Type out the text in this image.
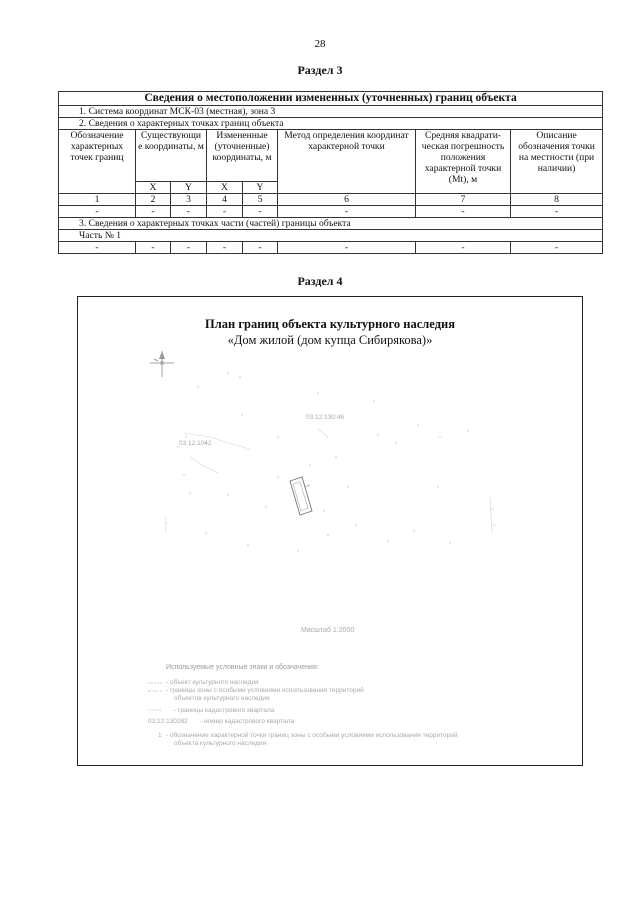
28
Раздел 3
Сведения о местоположении измененных (уточненных) границ объекта							
1. Система координат МСК-03 (местная), зона 3							
2. Сведения о характерных точках границ объекта							
Обозначение характерных точек границ	Существующи е координаты, м		Измененные (уточненные) координаты, м		Метод определения координат характерной точки	Средняя квадрати-ческая погрешность положения характерной точки (Mt), м	Описание обозначения точки на местности (при наличии)
	X	Y	X	Y			
1	2	3	4	5	6	7	8
-	-	-	-	-	-	-	-
3. Сведения о характерных точках части (частей) границы объекта							
Часть № 1							
-	-	-	-	-	-	-	-
Раздел 4
План границ объекта культурного наследия
«Дом жилой (дом купца Сибирякова)»
03:12:130:46
03:12:1042
Масштаб 1:2000
Используемые условные знаки и обозначения:
- объект культурного наследия
- границы зоны с особыми условиями использования территорий
объектов культурного наследия
- границы кадастрового квартала
03:12:130282 - номер кадастрового квартала
1 - обозначение характерной точки границ зоны с особыми условиями использования территорий
объекта культурного наследия
